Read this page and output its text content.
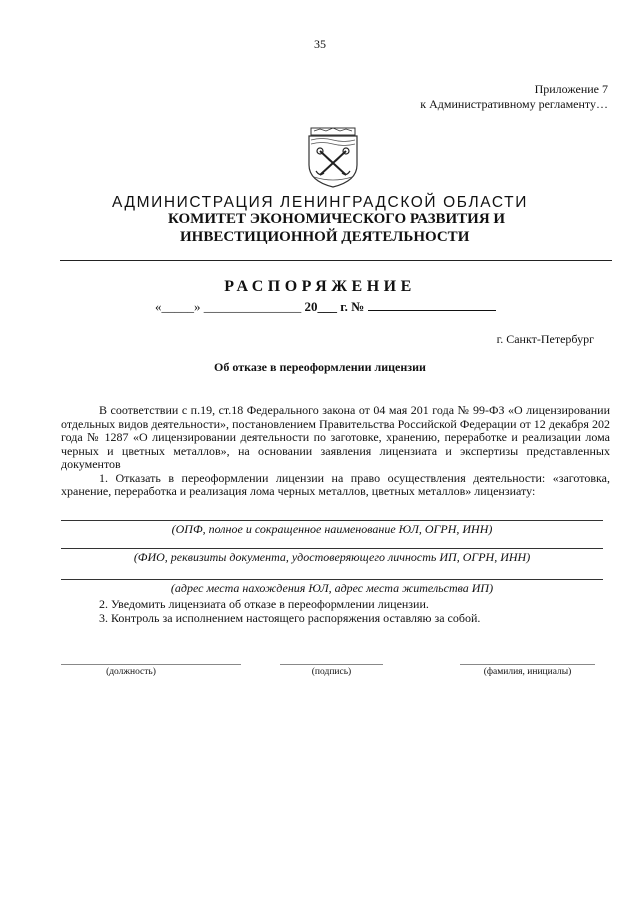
35
Приложение 7
к Административному регламенту…
АДМИНИСТРАЦИЯ ЛЕНИНГРАДСКОЙ ОБЛАСТИ
КОМИТЕТ ЭКОНОМИЧЕСКОГО РАЗВИТИЯ И
ИНВЕСТИЦИОННОЙ ДЕЯТЕЛЬНОСТИ
РАСПОРЯЖЕНИЕ
«_____» _______________ 20___ г. №
г. Санкт-Петербург
Об отказе в переоформлении лицензии

В соответствии с п.19, ст.18 Федерального закона от 04 мая 201 года № 99-ФЗ «О лицензировании отдельных видов деятельности», постановлением Правительства Российской Федерации от 12 декабря 202 года № 1287 «О лицензировании деятельности по заготовке, хранению, переработке и реализации лома черных и цветных металлов», на основании заявления лицензиата и экспертизы представленных документов

1. Отказать в переоформлении лицензии на право осуществления деятельности: «заготовка, хранение, переработка и реализация лома черных металлов, цветных металлов» лицензиату:

(ОПФ, полное и сокращенное наименование ЮЛ, ОГРН, ИНН)
(ФИО, реквизиты документа, удостоверяющего личность ИП, ОГРН, ИНН)
(адрес места нахождения ЮЛ, адрес места жительства ИП)
2. Уведомить лицензиата об отказе в переоформлении лицензии.
3. Контроль за исполнением настоящего распоряжения оставляю за собой.
(должность)	(подпись)	(фамилия, инициалы)
